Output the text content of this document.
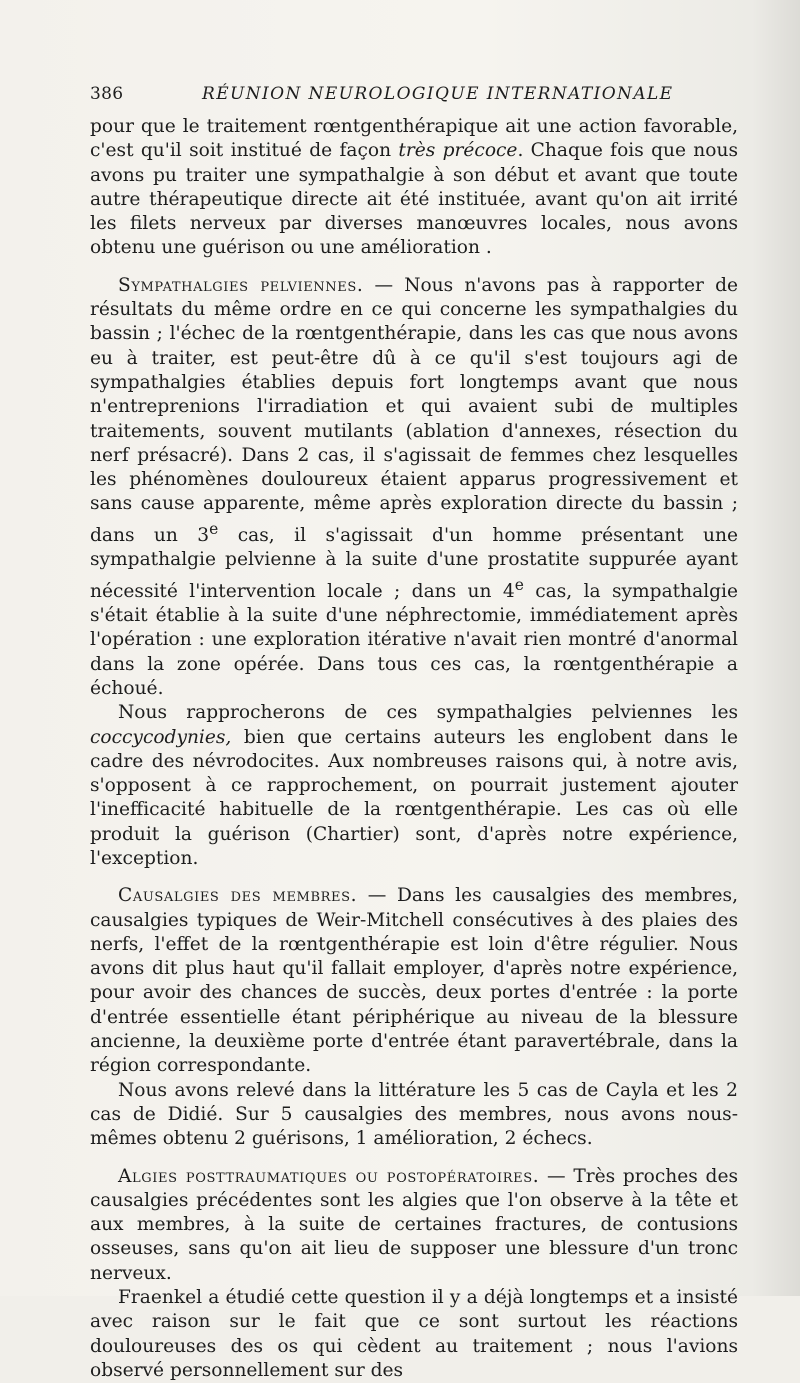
386	RÉUNION NEUROLOGIQUE INTERNATIONALE

pour que le traitement rœntgenthérapique ait une action favorable, c'est qu'il soit institué de façon très précoce. Chaque fois que nous avons pu traiter une sympathalgie à son début et avant que toute autre thérapeutique directe ait été instituée, avant qu'on ait irrité les filets nerveux par diverses manœuvres locales, nous avons obtenu une guérison ou une amélioration .

Sympathalgies pelviennes. — Nous n'avons pas à rapporter de résultats du même ordre en ce qui concerne les sympathalgies du bassin ; l'échec de la rœntgenthérapie, dans les cas que nous avons eu à traiter, est peut-être dû à ce qu'il s'est toujours agi de sympathalgies établies depuis fort longtemps avant que nous n'entreprenions l'irradiation et qui avaient subi de multiples traitements, souvent mutilants (ablation d'annexes, résection du nerf présacré). Dans 2 cas, il s'agissait de femmes chez lesquelles les phénomènes douloureux étaient apparus progressivement et sans cause apparente, même après exploration directe du bassin ; dans un 3e cas, il s'agissait d'un homme présentant une sympathalgie pelvienne à la suite d'une prostatite suppurée ayant nécessité l'intervention locale ; dans un 4e cas, la sympathalgie s'était établie à la suite d'une néphrectomie, immédiatement après l'opération : une exploration itérative n'avait rien montré d'anormal dans la zone opérée. Dans tous ces cas, la rœntgenthérapie a échoué.

Nous rapprocherons de ces sympathalgies pelviennes les coccycodynies, bien que certains auteurs les englobent dans le cadre des névrodocites. Aux nombreuses raisons qui, à notre avis, s'opposent à ce rapprochement, on pourrait justement ajouter l'inefficacité habituelle de la rœntgenthérapie. Les cas où elle produit la guérison (Chartier) sont, d'après notre expérience, l'exception.

Causalgies des membres. — Dans les causalgies des membres, causalgies typiques de Weir-Mitchell consécutives à des plaies des nerfs, l'effet de la rœntgenthérapie est loin d'être régulier. Nous avons dit plus haut qu'il fallait employer, d'après notre expérience, pour avoir des chances de succès, deux portes d'entrée : la porte d'entrée essentielle étant périphérique au niveau de la blessure ancienne, la deuxième porte d'entrée étant paravertébrale, dans la région correspondante.

Nous avons relevé dans la littérature les 5 cas de Cayla et les 2 cas de Didié. Sur 5 causalgies des membres, nous avons nous-mêmes obtenu 2 guérisons, 1 amélioration, 2 échecs.

Algies posttraumatiques ou postopératoires. — Très proches des causalgies précédentes sont les algies que l'on observe à la tête et aux membres, à la suite de certaines fractures, de contusions osseuses, sans qu'on ait lieu de supposer une blessure d'un tronc nerveux.

Fraenkel a étudié cette question il y a déjà longtemps et a insisté avec raison sur le fait que ce sont surtout les réactions douloureuses des os qui cèdent au traitement ; nous l'avions observé personnellement sur des
